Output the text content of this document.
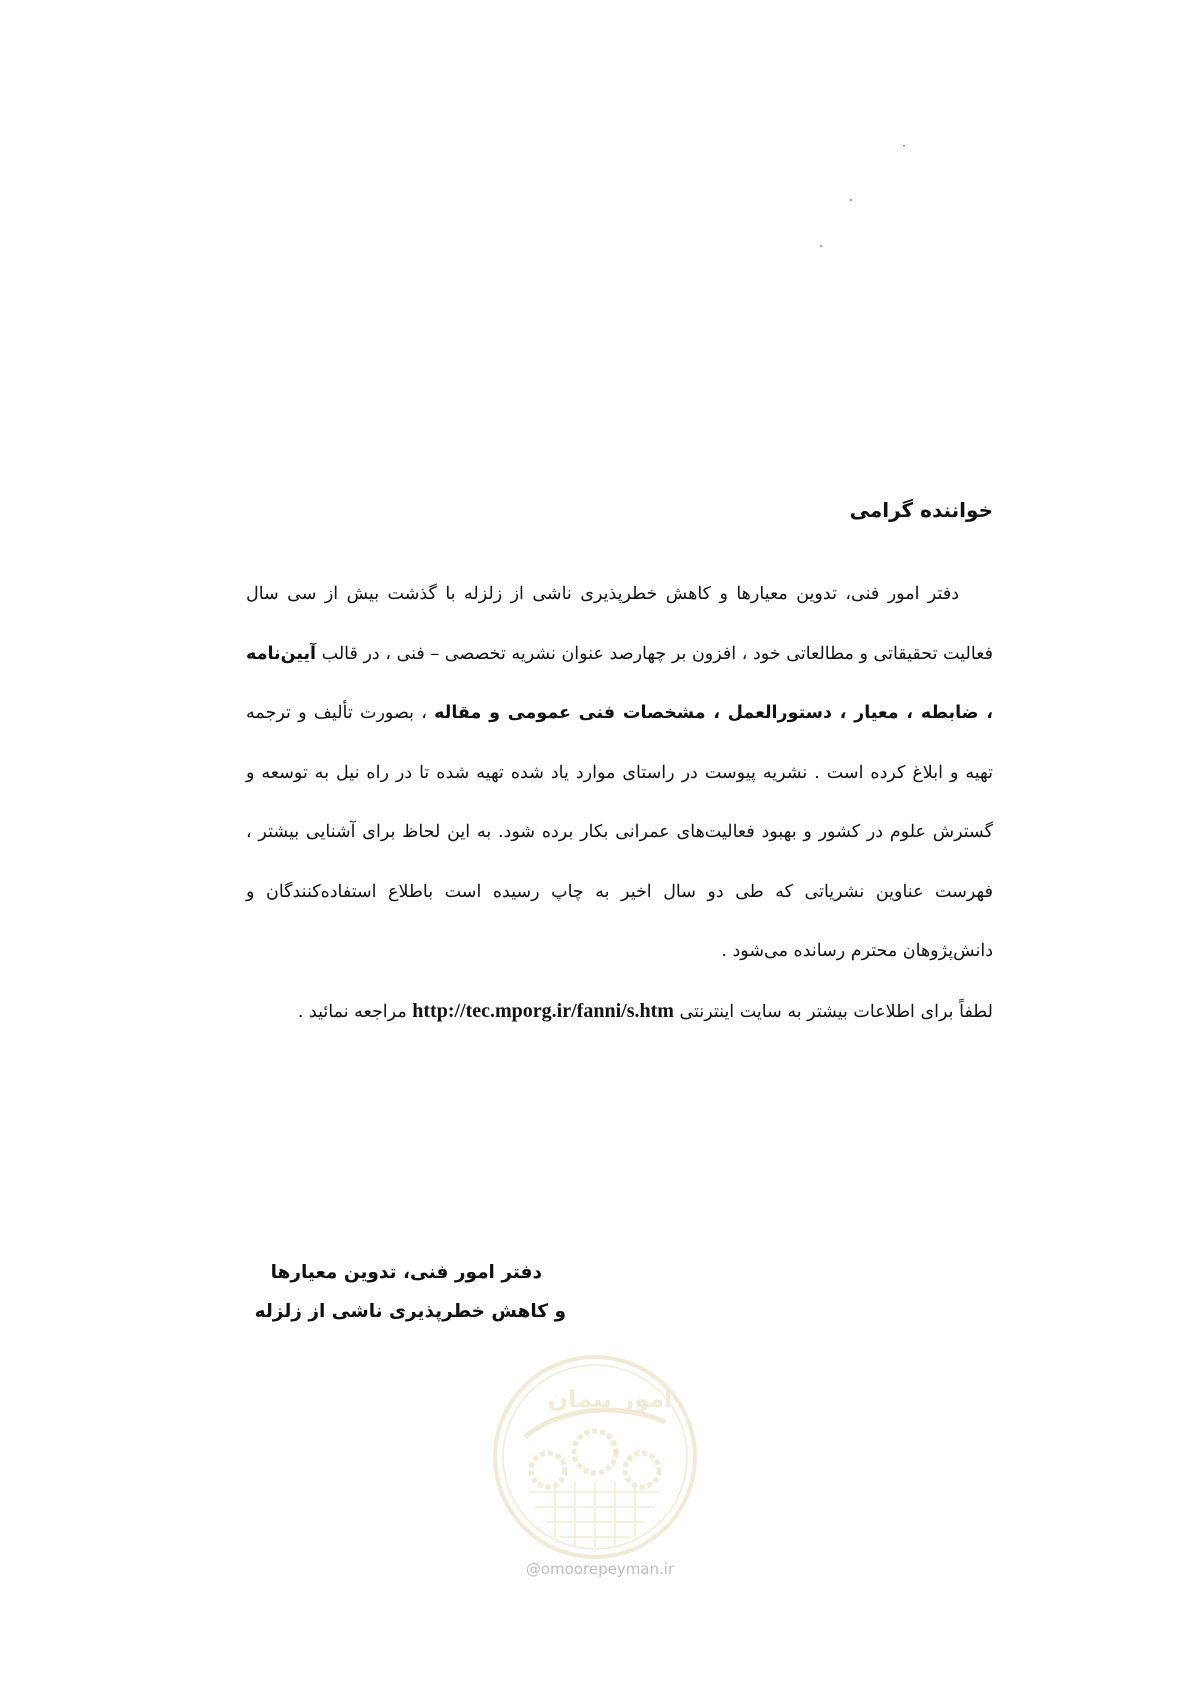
خواننده گرامی

دفتر امور فنی، تدوین معیارها و کاهش خطرپذیری ناشی از زلزله با گذشت بیش از سی سال فعالیت تحقیقاتی و مطالعاتی خود ، افزون بر چهارصد عنوان نشریه تخصصی – فنی ، در قالب آیین‌نامه ، ضابطه ، معیار ، دستورالعمل ، مشخصات فنی عمومی و مقاله ، بصورت تألیف و ترجمه تهیه و ابلاغ کرده است . نشریه پیوست در راستای موارد یاد شده تهیه شده تا در راه نیل به توسعه و گسترش علوم در کشور و بهبود فعالیت‌های عمرانی بکار برده شود. به این لحاظ برای آشنایی بیشتر ، فهرست عناوین نشریاتی که طی دو سال اخیر به چاپ رسیده است باطلاع استفاده‌کنندگان و دانش‌پژوهان محترم رسانده می‌شود .

لطفاً برای اطلاعات بیشتر به سایت اینترنتی http://tec.mporg.ir/fanni/s.htm مراجعه نمائید .

دفتر امور فنی، تدوین معیارها
و کاهش خطرپذیری ناشی از زلزله
امور پیمان
@omoorepeyman.ir
